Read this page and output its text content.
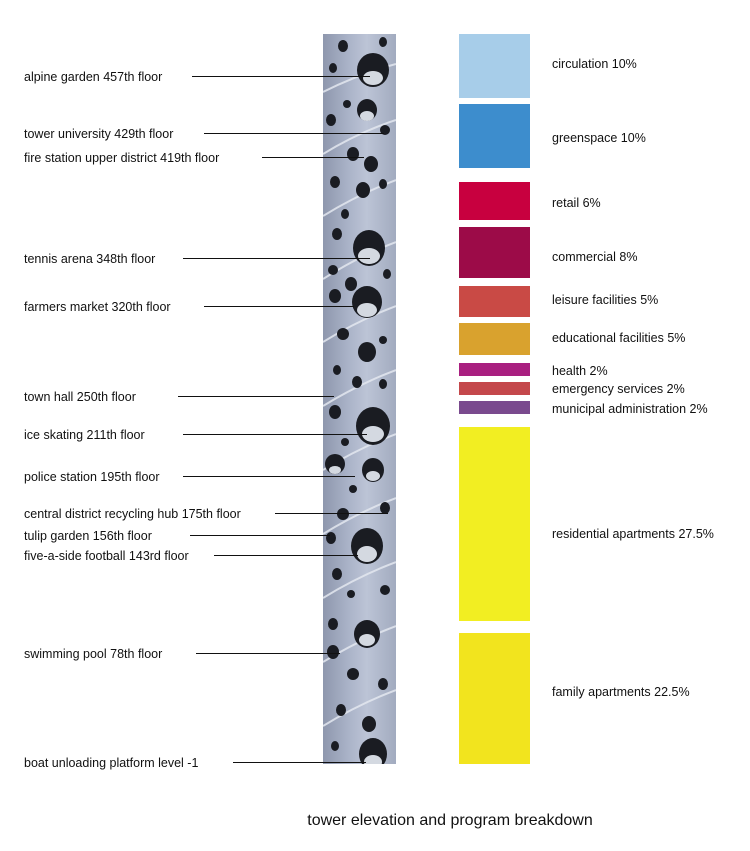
alpine garden 457th floor
tower university 429th floor
fire station upper district 419th floor
tennis arena 348th floor
farmers market 320th floor
town hall 250th floor
ice skating 211th floor
police station 195th floor
central district recycling hub 175th floor
tulip garden 156th floor
five-a-side football 143rd floor
swimming pool 78th floor
boat unloading platform level -1
circulation 10%
greenspace 10%
retail 6%
commercial 8%
leisure facilities 5%
educational facilities 5%
health 2%
emergency services 2%
municipal administration 2%
residential apartments 27.5%
family apartments 22.5%
tower elevation and program breakdown
